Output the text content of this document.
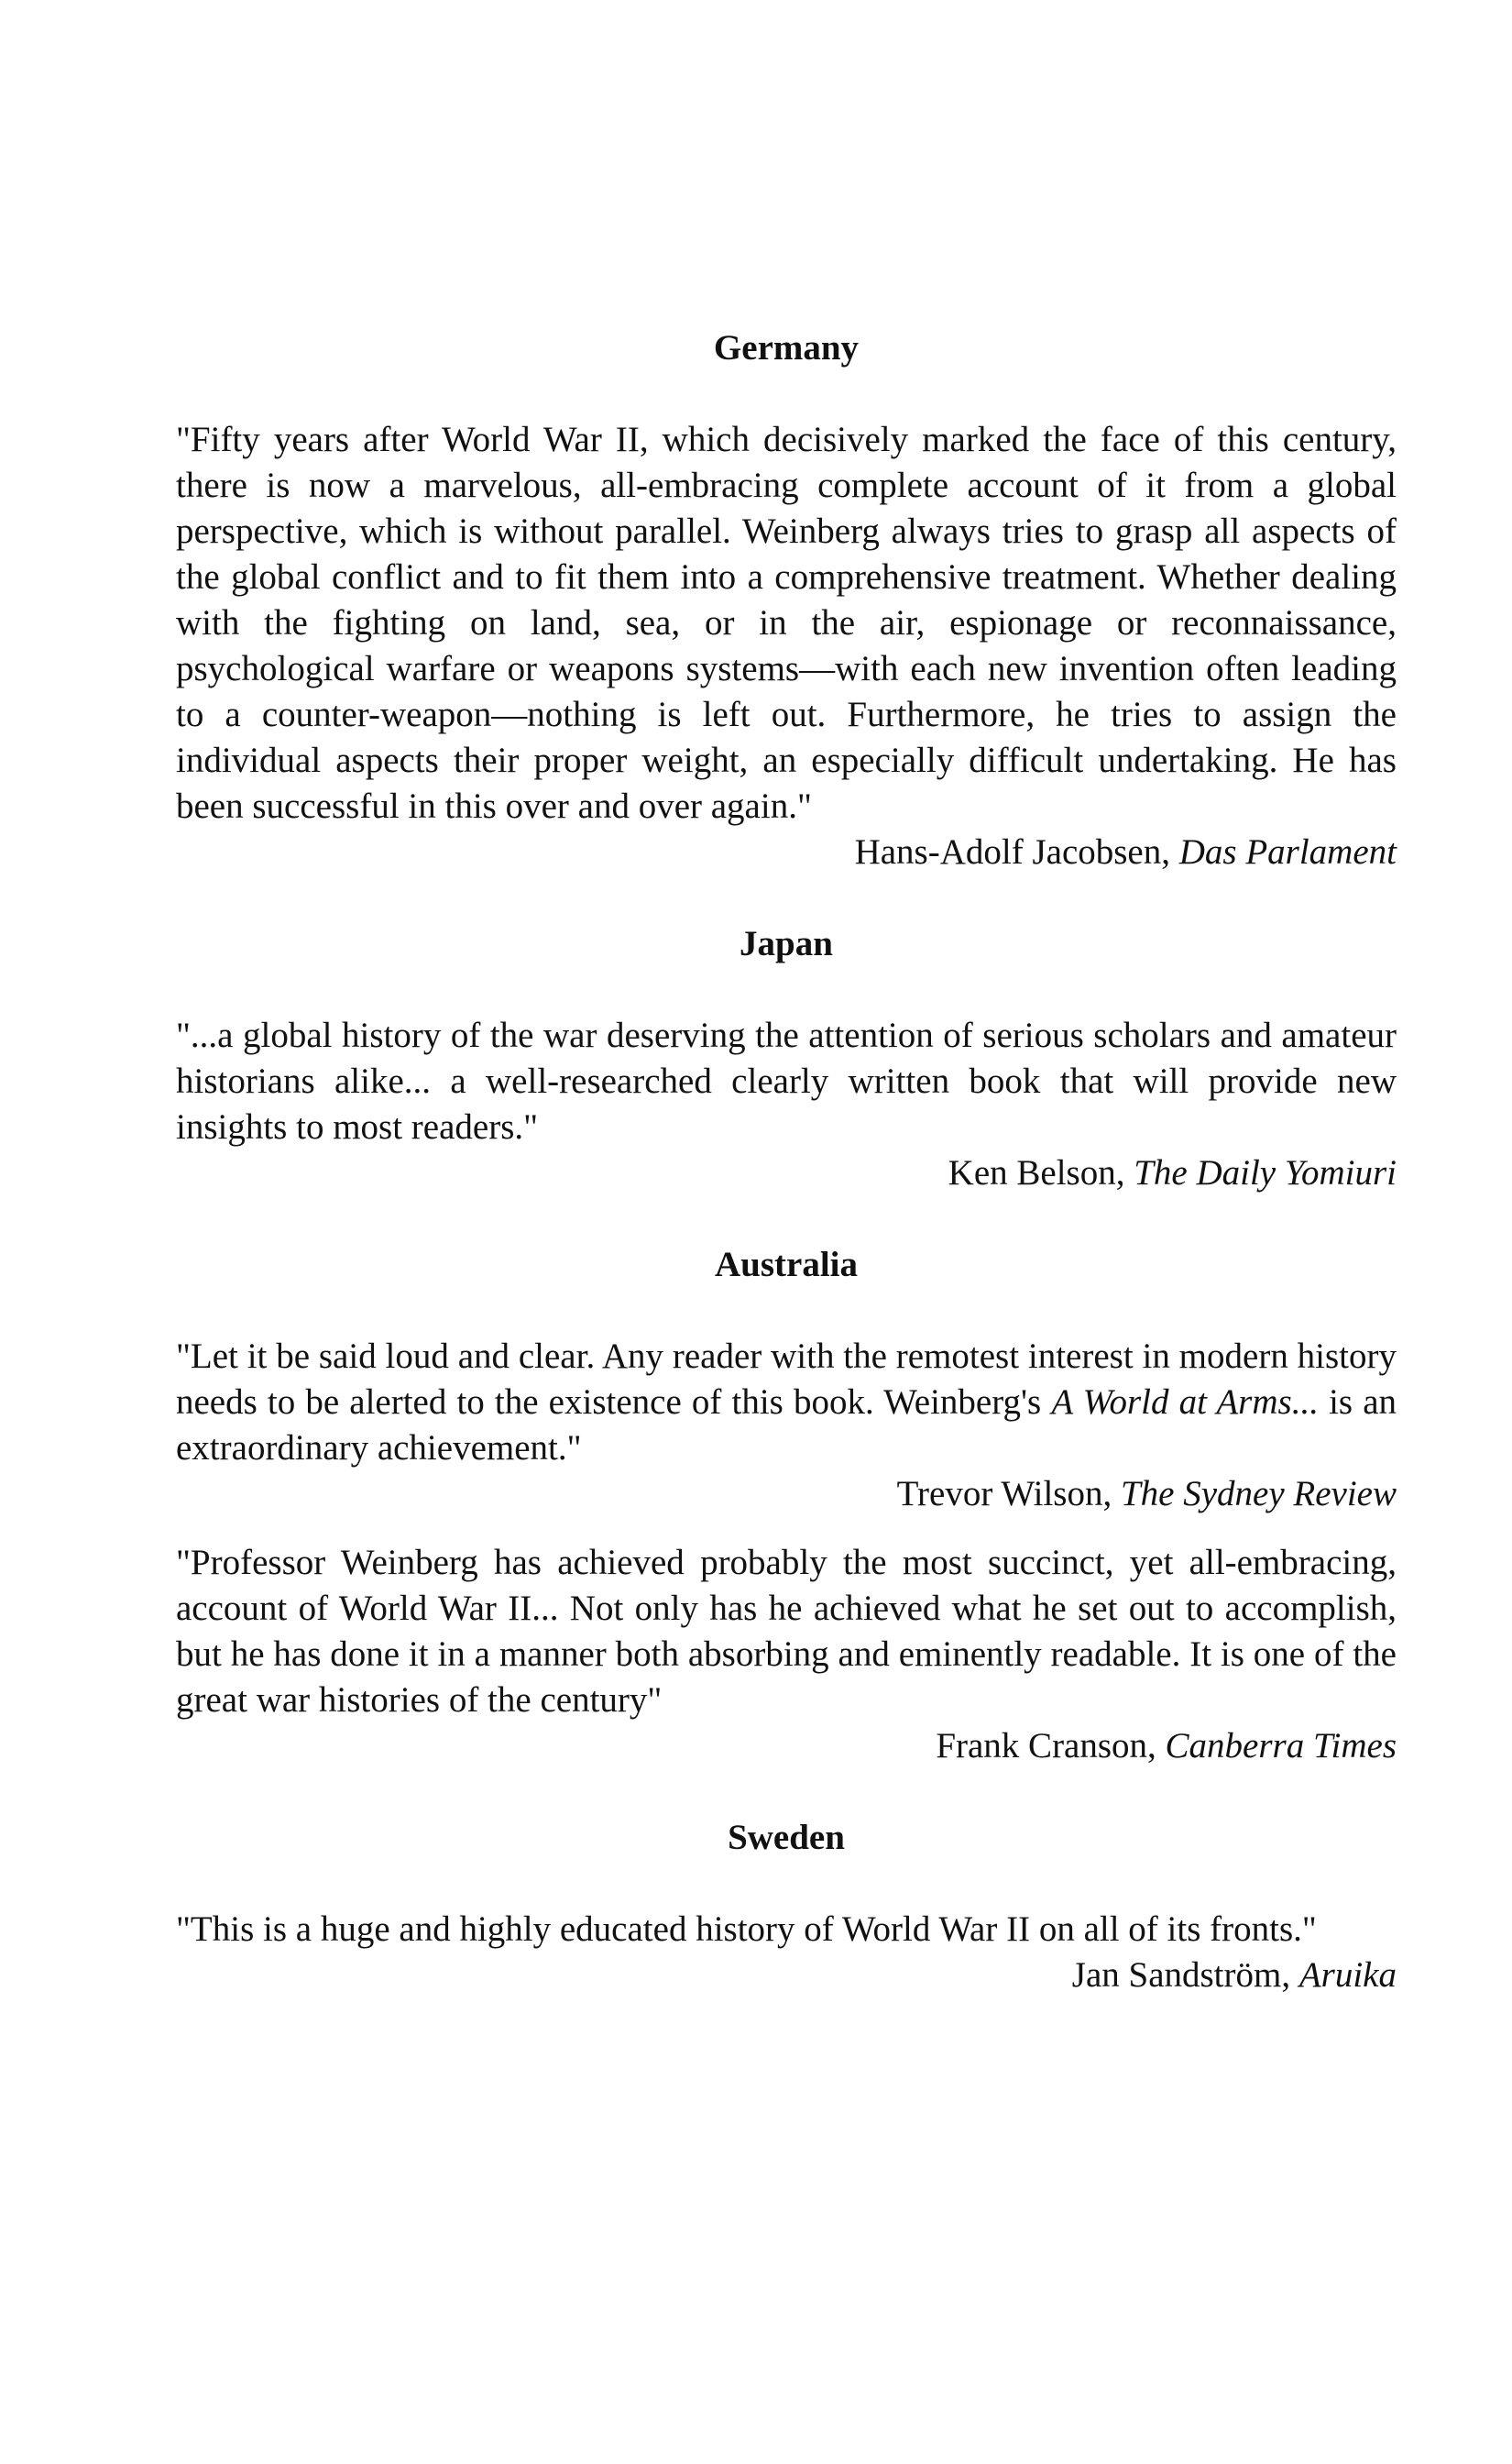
Germany

"Fifty years after World War II, which decisively marked the face of this century, there is now a marvelous, all-embracing complete account of it from a global perspective, which is without parallel. Weinberg always tries to grasp all aspects of the global conflict and to fit them into a comprehensive treatment. Whether dealing with the fighting on land, sea, or in the air, espionage or reconnaissance, psychological warfare or weapons systems—with each new invention often leading to a counter-weapon—nothing is left out. Furthermore, he tries to assign the individual aspects their proper weight, an especially difficult undertaking. He has been successful in this over and over again."

Hans-Adolf Jacobsen, Das Parlament

Japan

"...a global history of the war deserving the attention of serious scholars and amateur historians alike... a well-researched clearly written book that will provide new insights to most readers."

Ken Belson, The Daily Yomiuri

Australia

"Let it be said loud and clear. Any reader with the remotest interest in modern history needs to be alerted to the existence of this book. Weinberg's A World at Arms... is an extraordinary achievement."

Trevor Wilson, The Sydney Review

"Professor Weinberg has achieved probably the most succinct, yet all-embracing, account of World War II... Not only has he achieved what he set out to accomplish, but he has done it in a manner both absorbing and eminently readable. It is one of the great war histories of the century"

Frank Cranson, Canberra Times

Sweden

"This is a huge and highly educated history of World War II on all of its fronts."

Jan Sandström, Aruika
